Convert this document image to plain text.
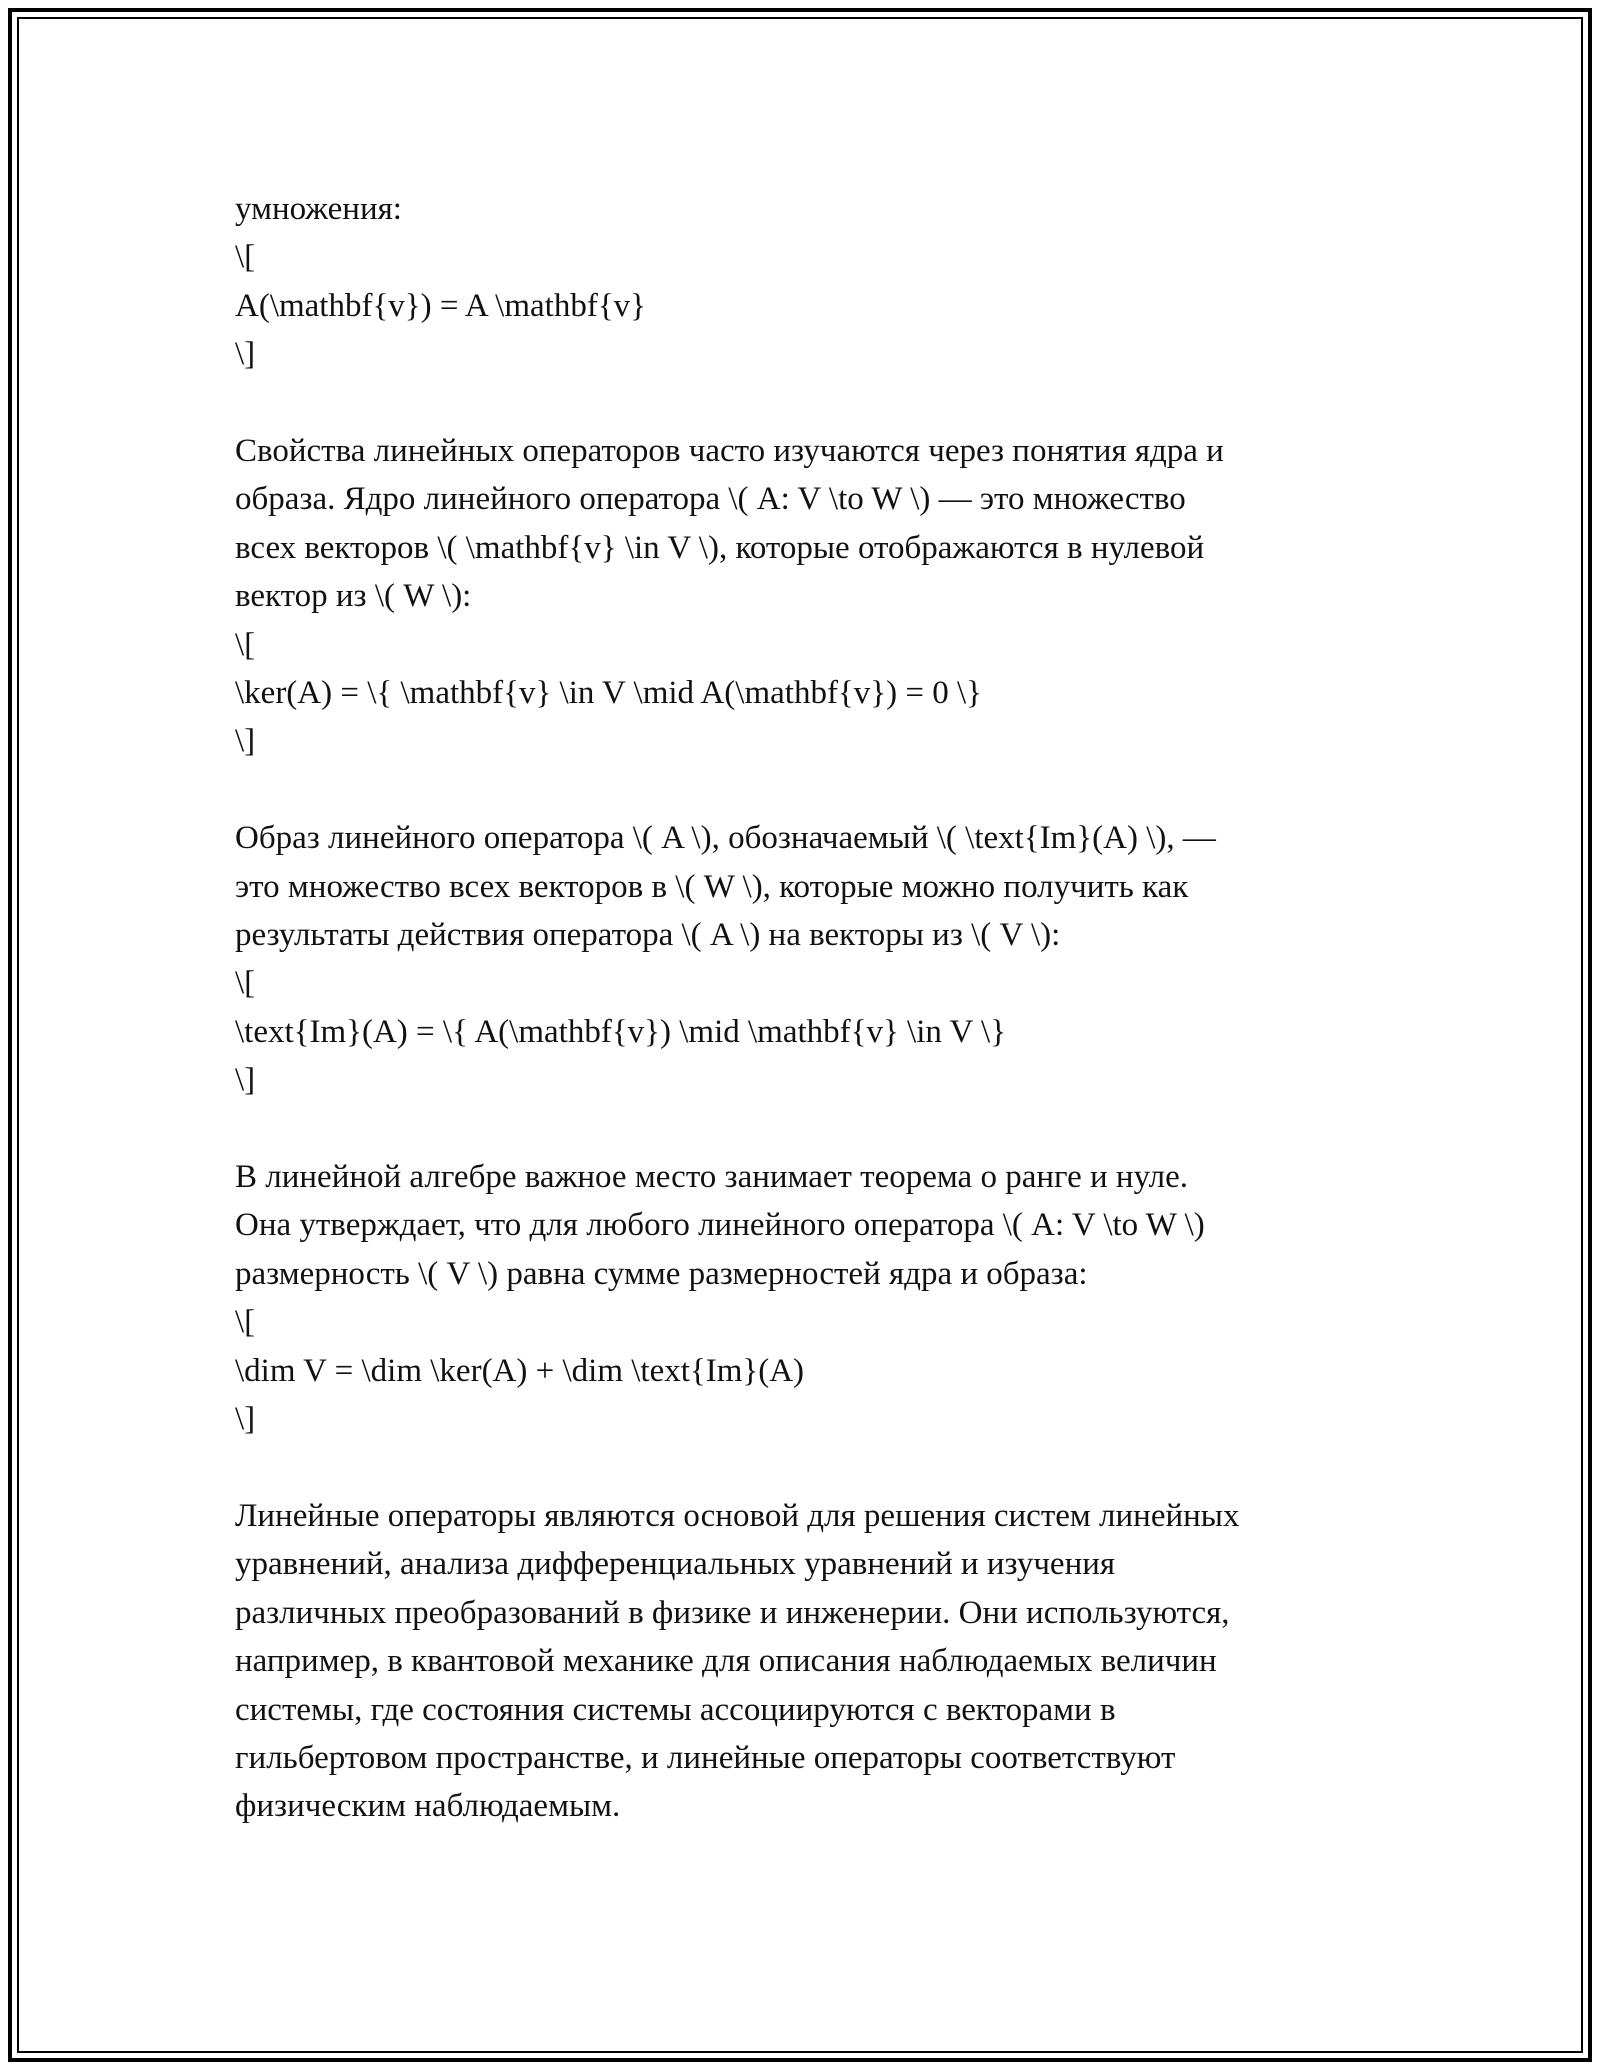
умножения:
\[
A(\mathbf{v}) = A \mathbf{v}
\]
Свойства линейных операторов часто изучаются через понятия ядра и
образа. Ядро линейного оператора \( A: V \to W \) — это множество
всех векторов \( \mathbf{v} \in V \), которые отображаются в нулевой
вектор из \( W \):
\[
\ker(A) = \{ \mathbf{v} \in V \mid A(\mathbf{v}) = 0 \}
\]
Образ линейного оператора \( A \), обозначаемый \( \text{Im}(A) \), —
это множество всех векторов в \( W \), которые можно получить как
результаты действия оператора \( A \) на векторы из \( V \):
\[
\text{Im}(A) = \{ A(\mathbf{v}) \mid \mathbf{v} \in V \}
\]
В линейной алгебре важное место занимает теорема о ранге и нуле.
Она утверждает, что для любого линейного оператора \( A: V \to W \)
размерность \( V \) равна сумме размерностей ядра и образа:
\[
\dim V = \dim \ker(A) + \dim \text{Im}(A)
\]
Линейные операторы являются основой для решения систем линейных
уравнений, анализа дифференциальных уравнений и изучения
различных преобразований в физике и инженерии. Они используются,
например, в квантовой механике для описания наблюдаемых величин
системы, где состояния системы ассоциируются с векторами в
гильбертовом пространстве, и линейные операторы соответствуют
физическим наблюдаемым.
